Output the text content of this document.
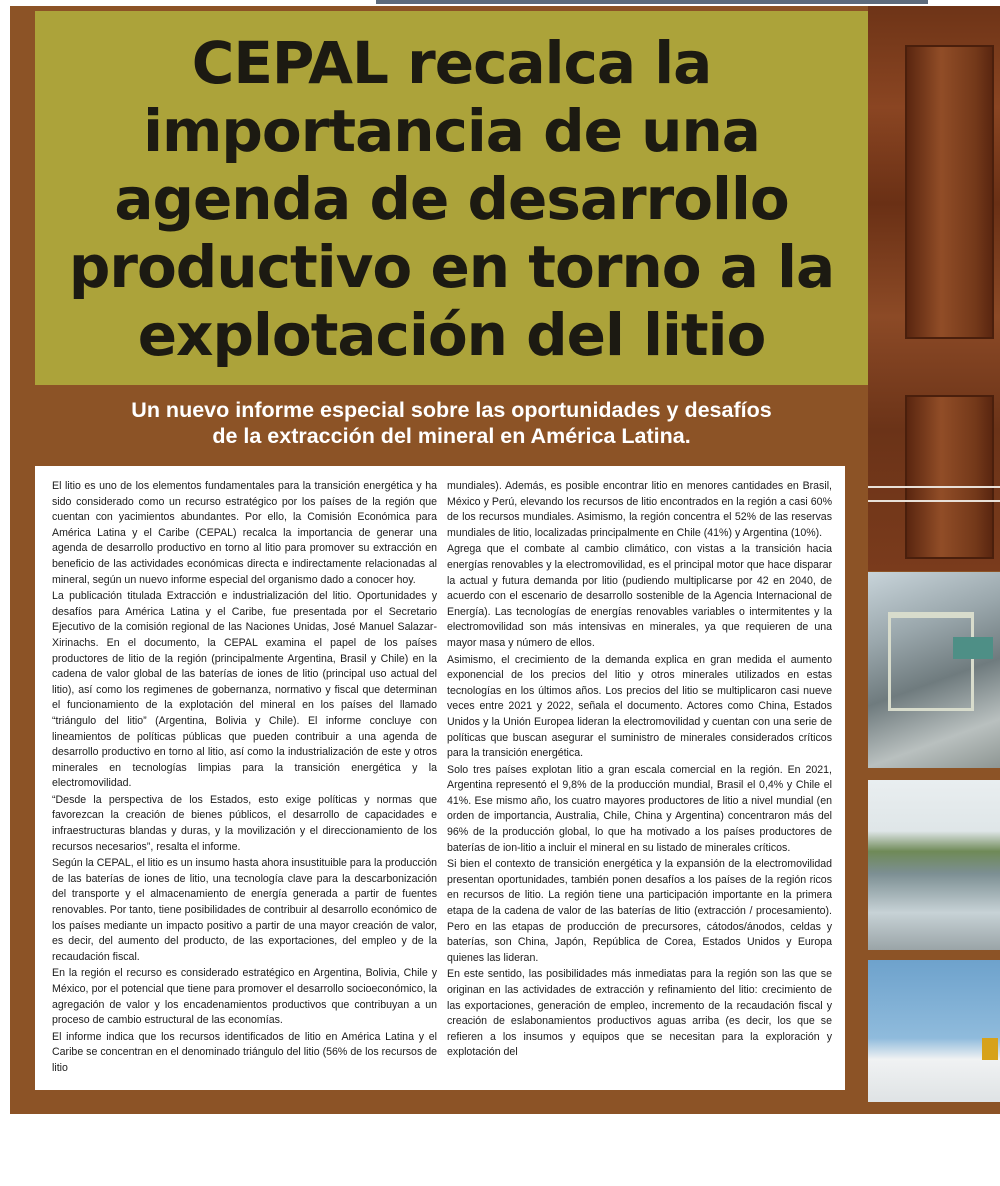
CEPAL recalca la importancia de una agenda de desarrollo productivo en torno a la explotación del litio

Un nuevo informe especial sobre las oportunidades y desafíos
de la extracción del mineral en América Latina.

El litio es uno de los elementos fundamentales para la transición energética y ha sido considerado como un recurso estratégico por los países de la región que cuentan con yacimientos abundantes. Por ello, la Comisión Económica para América Latina y el Caribe (CEPAL) recalca la importancia de generar una agenda de desarrollo productivo en torno al litio para promover su extracción en beneficio de las actividades económicas directa e indirectamente relacionadas al mineral, según un nuevo informe especial del organismo dado a conocer hoy.

La publicación titulada Extracción e industrialización del litio. Oportunidades y desafíos para América Latina y el Caribe, fue presentada por el Secretario Ejecutivo de la comisión regional de las Naciones Unidas, José Manuel Salazar-Xirinachs. En el documento, la CEPAL examina el papel de los países productores de litio de la región (principalmente Argentina, Brasil y Chile) en la cadena de valor global de las baterías de iones de litio (principal uso actual del litio), así como los regimenes de gobernanza, normativo y fiscal que determinan el funcionamiento de la explotación del mineral en los países del llamado “triángulo del litio” (Argentina, Bolivia y Chile). El informe concluye con lineamientos de políticas públicas que pueden contribuir a una agenda de desarrollo productivo en torno al litio, así como la industrialización de este y otros minerales en tecnologías limpias para la transición energética y la electromovilidad.

“Desde la perspectiva de los Estados, esto exige políticas y normas que favorezcan la creación de bienes públicos, el desarrollo de capacidades e infraestructuras blandas y duras, y la movilización y el direccionamiento de los recursos necesarios”, resalta el informe.

Según la CEPAL, el litio es un insumo hasta ahora insustituible para la producción de las baterías de iones de litio, una tecnología clave para la descarbonización del transporte y el almacenamiento de energía generada a partir de fuentes renovables. Por tanto, tiene posibilidades de contribuir al desarrollo económico de los países mediante un impacto positivo a partir de una mayor creación de valor, es decir, del aumento del producto, de las exportaciones, del empleo y de la recaudación fiscal.

En la región el recurso es considerado estratégico en Argentina, Bolivia, Chile y México, por el potencial que tiene para promover el desarrollo socioeconómico, la agregación de valor y los encadenamientos productivos que contribuyan a un proceso de cambio estructural de las economías.

El informe indica que los recursos identificados de litio en América Latina y el Caribe se concentran en el denominado triángulo del litio (56% de los recursos de litio

mundiales). Además, es posible encontrar litio en menores cantidades en Brasil, México y Perú, elevando los recursos de litio encontrados en la región a casi 60% de los recursos mundiales. Asimismo, la región concentra el 52% de las reservas mundiales de litio, localizadas principalmente en Chile (41%) y Argentina (10%).

Agrega que el combate al cambio climático, con vistas a la transición hacia energías renovables y la electromovilidad, es el principal motor que hace disparar la actual y futura demanda por litio (pudiendo multiplicarse por 42 en 2040, de acuerdo con el escenario de desarrollo sostenible de la Agencia Internacional de Energía). Las tecnologías de energías renovables variables o intermitentes y la electromovilidad son más intensivas en minerales, ya que requieren de una mayor masa y número de ellos.

Asimismo, el crecimiento de la demanda explica en gran medida el aumento exponencial de los precios del litio y otros minerales utilizados en estas tecnologías en los últimos años. Los precios del litio se multiplicaron casi nueve veces entre 2021 y 2022, señala el documento. Actores como China, Estados Unidos y la Unión Europea lideran la electromovilidad y cuentan con una serie de políticas que buscan asegurar el suministro de minerales considerados críticos para la transición energética.

Solo tres países explotan litio a gran escala comercial en la región. En 2021, Argentina representó el 9,8% de la producción mundial, Brasil el 0,4% y Chile el 41%. Ese mismo año, los cuatro mayores productores de litio a nivel mundial (en orden de importancia, Australia, Chile, China y Argentina) concentraron más del 96% de la producción global, lo que ha motivado a los países productores de baterías de ion-litio a incluir el mineral en su listado de minerales críticos.

Si bien el contexto de transición energética y la expansión de la electromovilidad presentan oportunidades, también ponen desafíos a los países de la región ricos en recursos de litio. La región tiene una participación importante en la primera etapa de la cadena de valor de las baterías de litio (extracción / procesamiento). Pero en las etapas de producción de precursores, cátodos/ánodos, celdas y baterías, son China, Japón, República de Corea, Estados Unidos y Europa quienes las lideran.

En este sentido, las posibilidades más inmediatas para la región son las que se originan en las actividades de extracción y refinamiento del litio: crecimiento de las exportaciones, generación de empleo, incremento de la recaudación fiscal y creación de eslabonamientos productivos aguas arriba (es decir, los que se refieren a los insumos y equipos que se necesitan para la exploración y explotación del
